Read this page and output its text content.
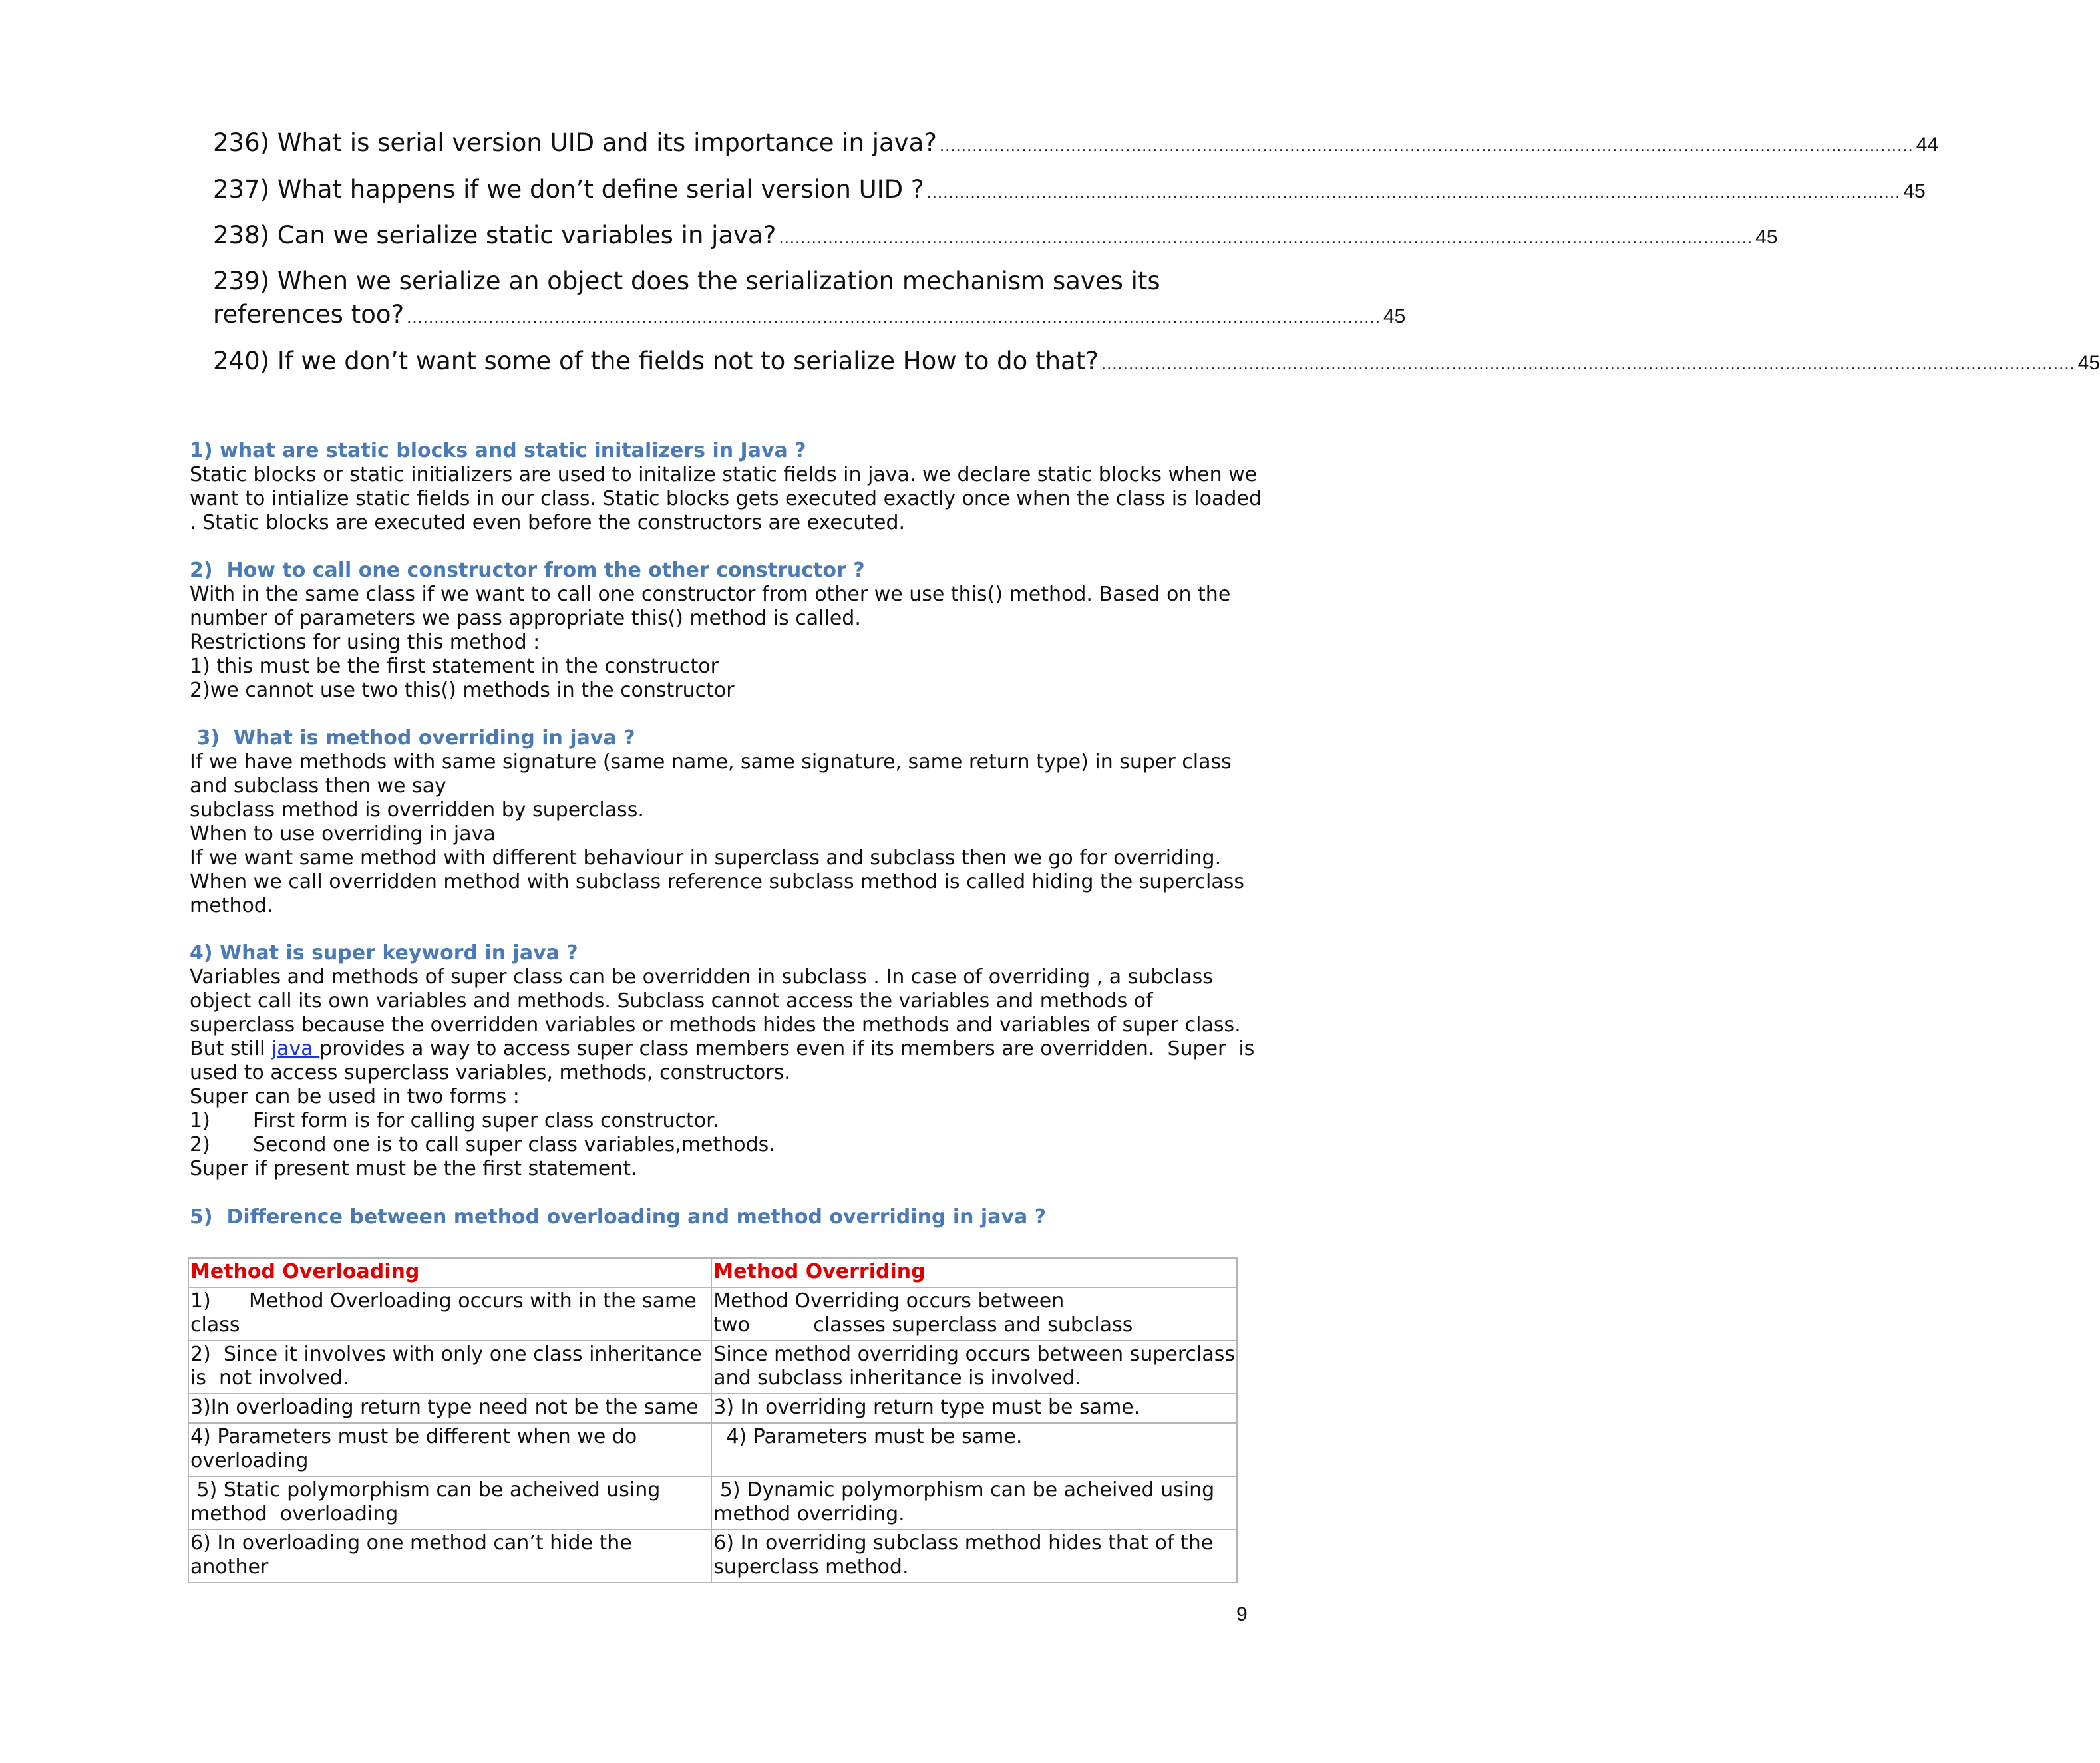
236) What is serial version UID and its importance in java? .................................................................................................................................................................................. 44
237) What happens if we don’t define serial version UID ? .................................................................................................................................................................................. 45
238) Can we serialize static variables in java? .................................................................................................................................................................................. 45
239) When we serialize an object does the serialization mechanism saves its
references too? .................................................................................................................................................................................. 45
240) If we don’t want some of the fields not to serialize How to do that? .................................................................................................................................................................................. 45
1) what are static blocks and static initalizers in Java ?
Static blocks or static initializers are used to initalize static fields in java. we declare static blocks when we
want to intialize static fields in our class. Static blocks gets executed exactly once when the class is loaded
. Static blocks are executed even before the constructors are executed.
2)  How to call one constructor from the other constructor ?
With in the same class if we want to call one constructor from other we use this() method. Based on the
number of parameters we pass appropriate this() method is called.
Restrictions for using this method :
1) this must be the first statement in the constructor
2)we cannot use two this() methods in the constructor
3)  What is method overriding in java ?
If we have methods with same signature (same name, same signature, same return type) in super class
and subclass then we say
subclass method is overridden by superclass.
When to use overriding in java
If we want same method with different behaviour in superclass and subclass then we go for overriding.
When we call overridden method with subclass reference subclass method is called hiding the superclass
method.
4) What is super keyword in java ?
Variables and methods of super class can be overridden in subclass . In case of overriding , a subclass
object call its own variables and methods. Subclass cannot access the variables and methods of
superclass because the overridden variables or methods hides the methods and variables of super class.
But still java provides a way to access super class members even if its members are overridden.  Super  is
used to access superclass variables, methods, constructors.
Super can be used in two forms :
1) First form is for calling super class constructor.
2) Second one is to call super class variables,methods.
Super if present must be the first statement.
5)  Difference between method overloading and method overriding in java ?
Method Overloading	Method Overriding

1)      Method Overloading occurs with in the same
class	Method Overriding occurs between
two          classes superclass and subclass

2)  Since it involves with only one class inheritance
is  not involved.	Since method overriding occurs between superclass
and subclass inheritance is involved.

3)In overloading return type need not be the same	3) In overriding return type must be same.

4) Parameters must be different when we do
overloading	4) Parameters must be same.

5) Static polymorphism can be acheived using
method  overloading	5) Dynamic polymorphism can be acheived using
method overriding.

6) In overloading one method can’t hide the
another	6) In overriding subclass method hides that of the
superclass method.
9
